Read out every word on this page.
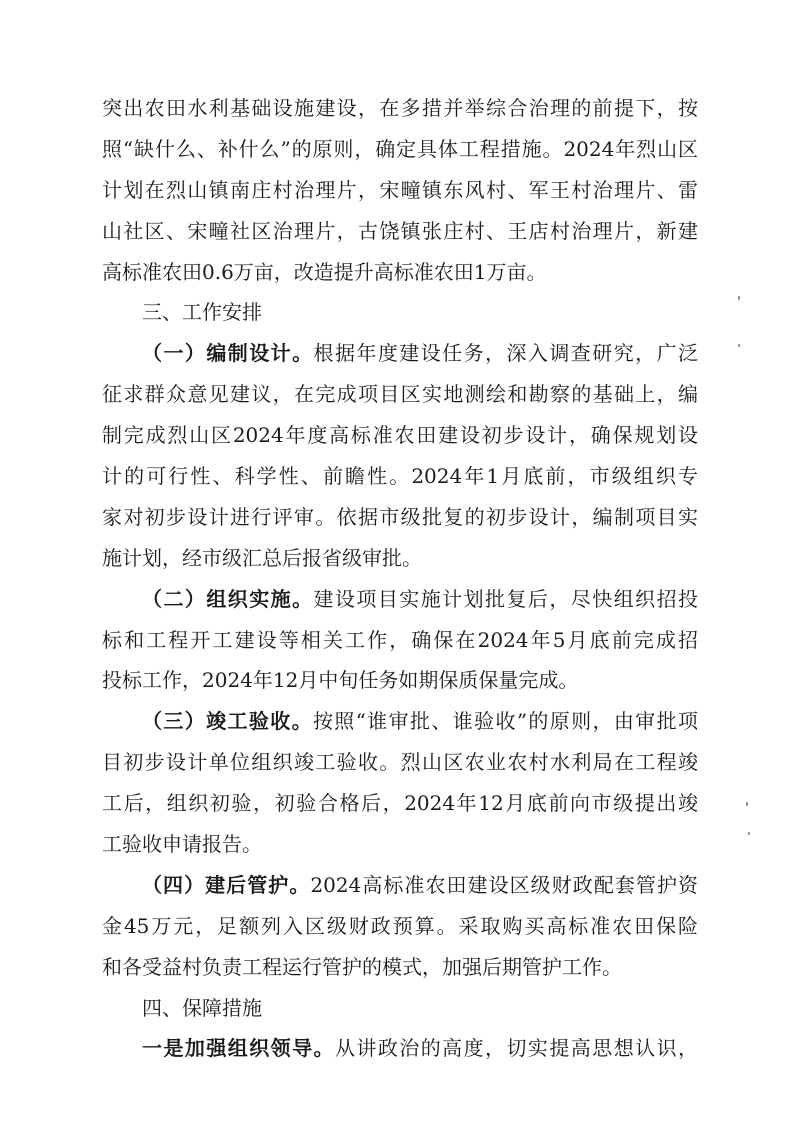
突出农田水利基础设施建设，在多措并举综合治理的前提下，按
照“缺什么、补什么”的原则，确定具体工程措施。2024年烈山区
计划在烈山镇南庄村治理片，宋疃镇东风村、军王村治理片、雷
山社区、宋疃社区治理片，古饶镇张庄村、王店村治理片，新建
高标准农田0.6万亩，改造提升高标准农田1万亩。
三、工作安排
（一）编制设计。根据年度建设任务，深入调查研究，广泛
征求群众意见建议，在完成项目区实地测绘和勘察的基础上，编
制完成烈山区2024年度高标准农田建设初步设计，确保规划设
计的可行性、科学性、前瞻性。2024年1月底前，市级组织专
家对初步设计进行评审。依据市级批复的初步设计，编制项目实
施计划，经市级汇总后报省级审批。
（二）组织实施。建设项目实施计划批复后，尽快组织招投
标和工程开工建设等相关工作，确保在2024年5月底前完成招
投标工作，2024年12月中旬任务如期保质保量完成。
（三）竣工验收。按照“谁审批、谁验收”的原则，由审批项
目初步设计单位组织竣工验收。烈山区农业农村水利局在工程竣
工后，组织初验，初验合格后，2024年12月底前向市级提出竣
工验收申请报告。
（四）建后管护。2024高标准农田建设区级财政配套管护资
金45万元，足额列入区级财政预算。采取购买高标准农田保险
和各受益村负责工程运行管护的模式，加强后期管护工作。
四、保障措施
一是加强组织领导。从讲政治的高度，切实提高思想认识，
